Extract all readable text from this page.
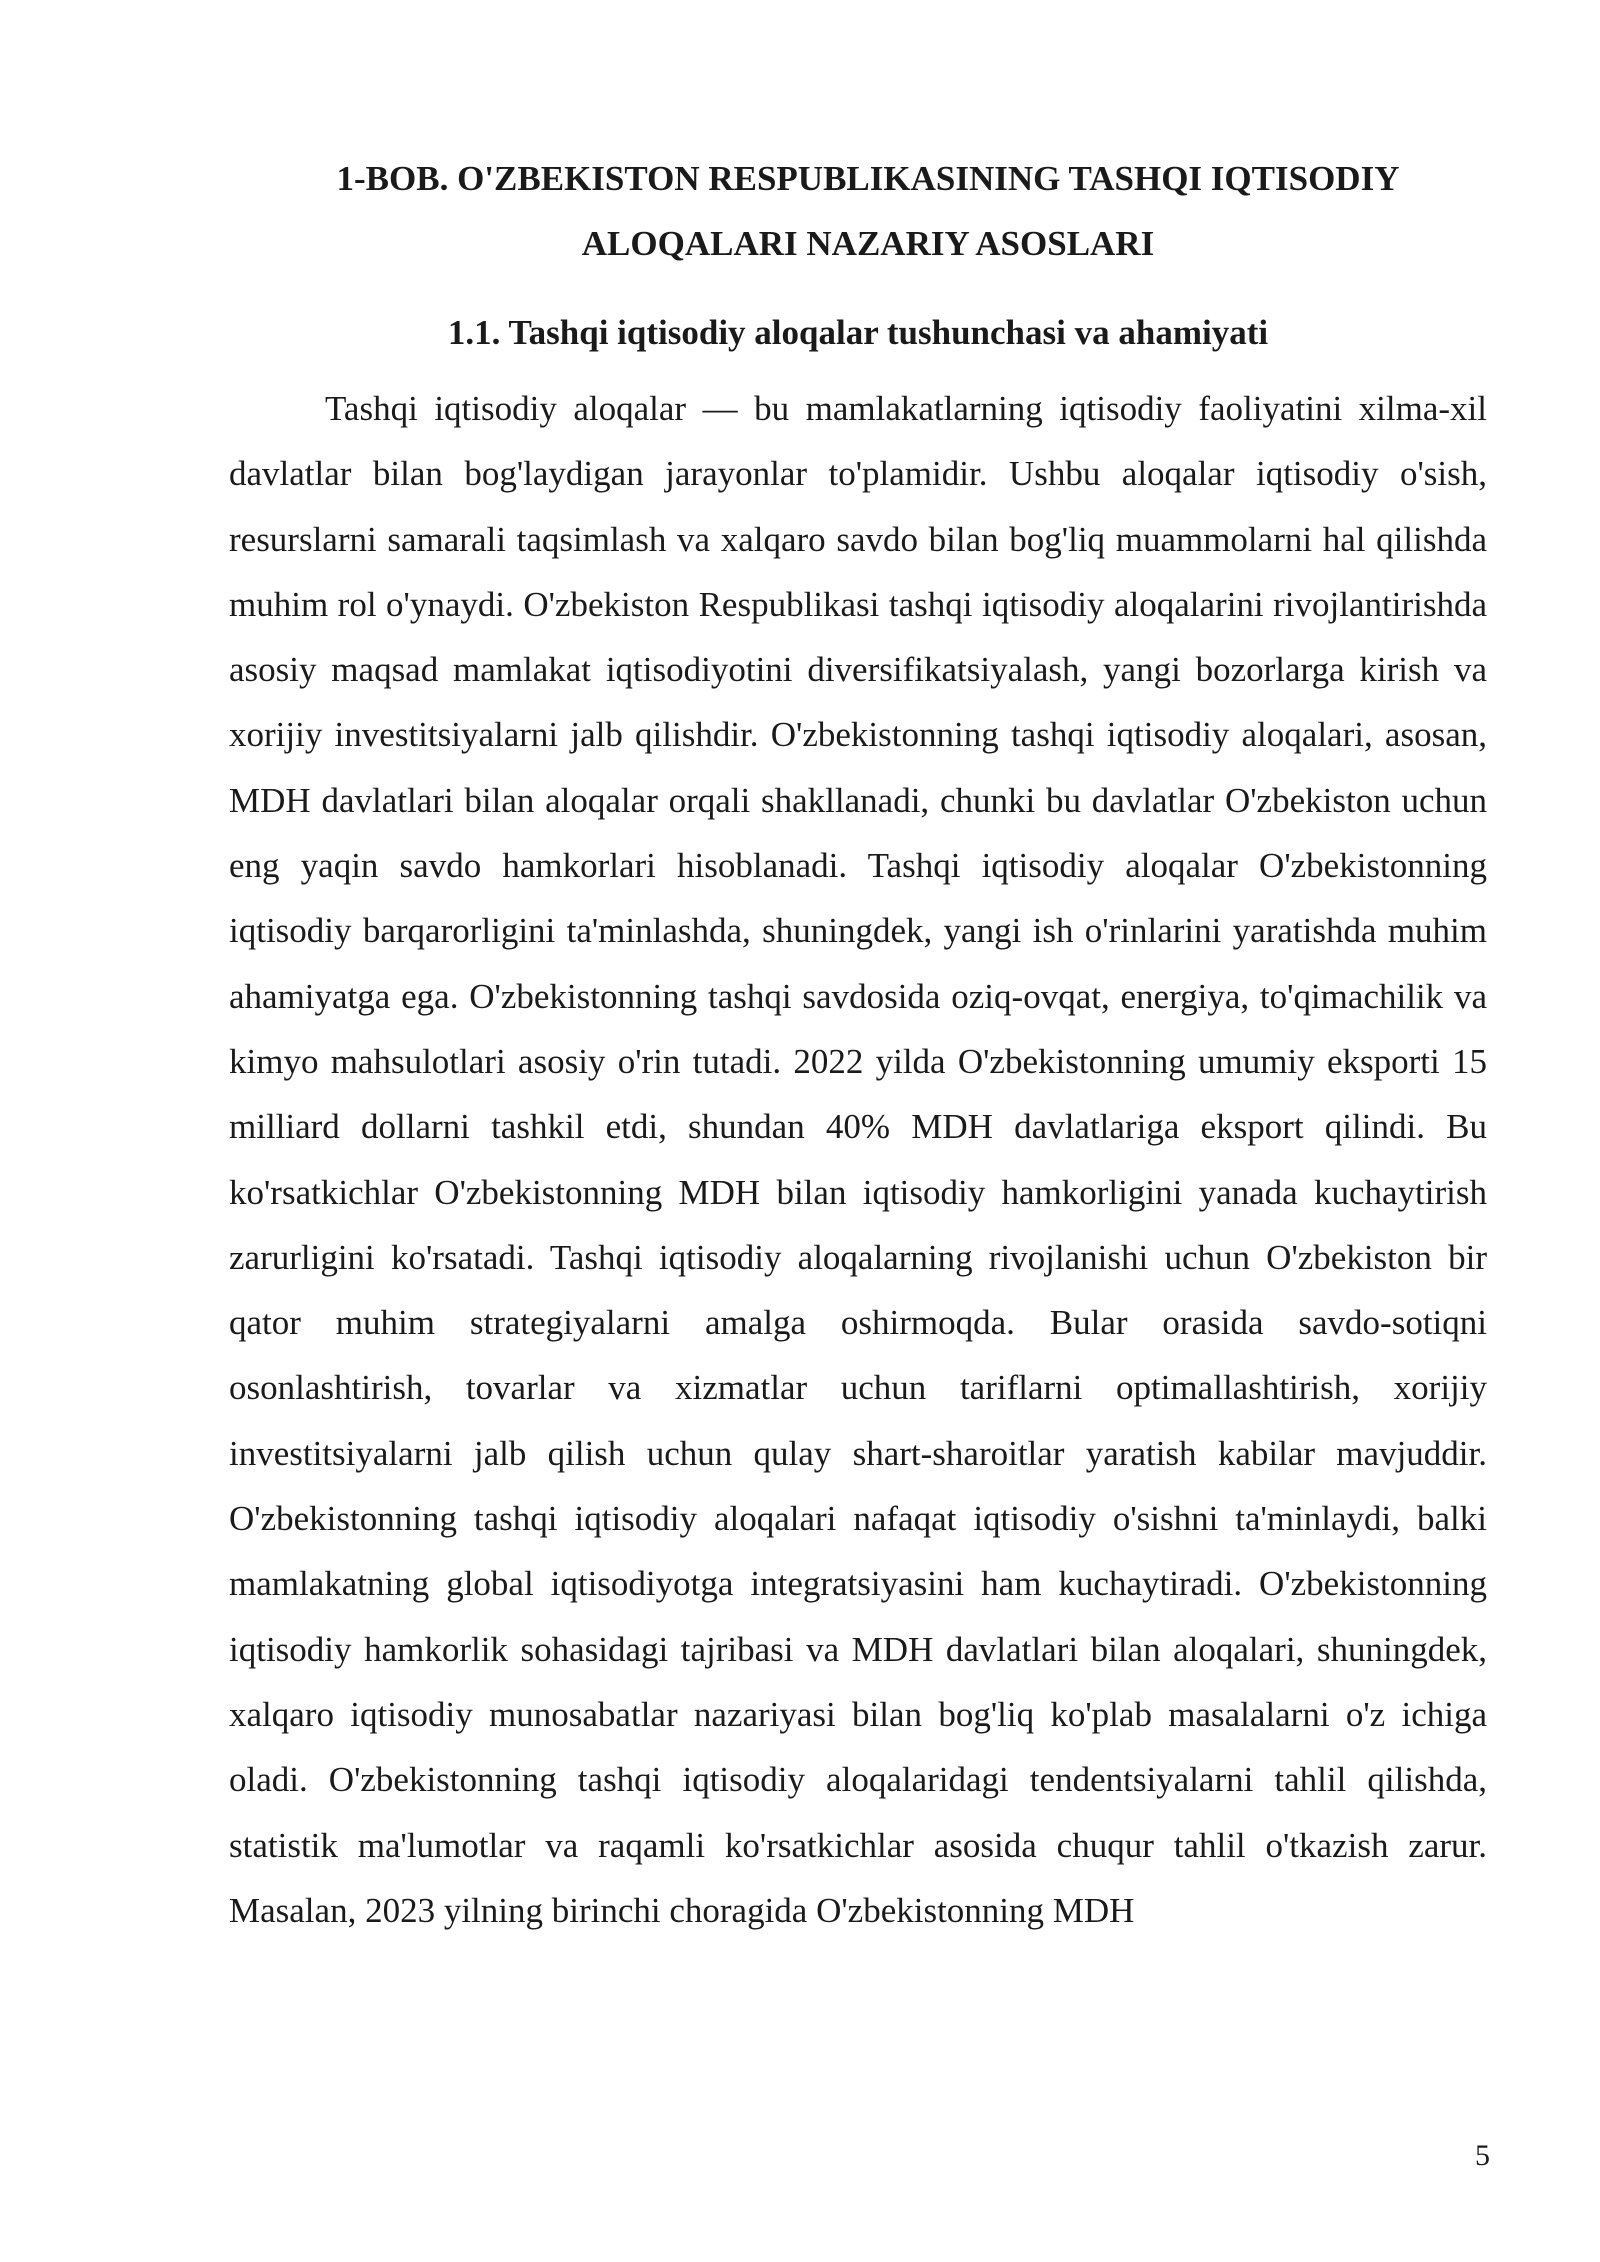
1-BOB. O'ZBEKISTON RESPUBLIKASINING TASHQI IQTISODIY
ALOQALARI NAZARIY ASOSLARI
1.1. Tashqi iqtisodiy aloqalar tushunchasi va ahamiyati

Tashqi iqtisodiy aloqalar — bu mamlakatlarning iqtisodiy faoliyatini xilma-xil davlatlar bilan bog'laydigan jarayonlar to'plamidir. Ushbu aloqalar iqtisodiy o'sish, resurslarni samarali taqsimlash va xalqaro savdo bilan bog'liq muammolarni hal qilishda muhim rol o'ynaydi. O'zbekiston Respublikasi tashqi iqtisodiy aloqalarini rivojlantirishda asosiy maqsad mamlakat iqtisodiyotini diversifikatsiyalash, yangi bozorlarga kirish va xorijiy investitsiyalarni jalb qilishdir. O'zbekistonning tashqi iqtisodiy aloqalari, asosan, MDH davlatlari bilan aloqalar orqali shakllanadi, chunki bu davlatlar O'zbekiston uchun eng yaqin savdo hamkorlari hisoblanadi. Tashqi iqtisodiy aloqalar O'zbekistonning iqtisodiy barqarorligini ta'minlashda, shuningdek, yangi ish o'rinlarini yaratishda muhim ahamiyatga ega. O'zbekistonning tashqi savdosida oziq-ovqat, energiya, to'qimachilik va kimyo mahsulotlari asosiy o'rin tutadi. 2022 yilda O'zbekistonning umumiy eksporti 15 milliard dollarni tashkil etdi, shundan 40% MDH davlatlariga eksport qilindi. Bu ko'rsatkichlar O'zbekistonning MDH bilan iqtisodiy hamkorligini yanada kuchaytirish zarurligini ko'rsatadi. Tashqi iqtisodiy aloqalarning rivojlanishi uchun O'zbekiston bir qator muhim strategiyalarni amalga oshirmoqda. Bular orasida savdo-sotiqni osonlashtirish, tovarlar va xizmatlar uchun tariflarni optimallashtirish, xorijiy investitsiyalarni jalb qilish uchun qulay shart-sharoitlar yaratish kabilar mavjuddir. O'zbekistonning tashqi iqtisodiy aloqalari nafaqat iqtisodiy o'sishni ta'minlaydi, balki mamlakatning global iqtisodiyotga integratsiyasini ham kuchaytiradi. O'zbekistonning iqtisodiy hamkorlik sohasidagi tajribasi va MDH davlatlari bilan aloqalari, shuningdek, xalqaro iqtisodiy munosabatlar nazariyasi bilan bog'liq ko'plab masalalarni o'z ichiga oladi. O'zbekistonning tashqi iqtisodiy aloqalaridagi tendentsiyalarni tahlil qilishda, statistik ma'lumotlar va raqamli ko'rsatkichlar asosida chuqur tahlil o'tkazish zarur. Masalan, 2023 yilning birinchi choragida O'zbekistonning MDH

5
